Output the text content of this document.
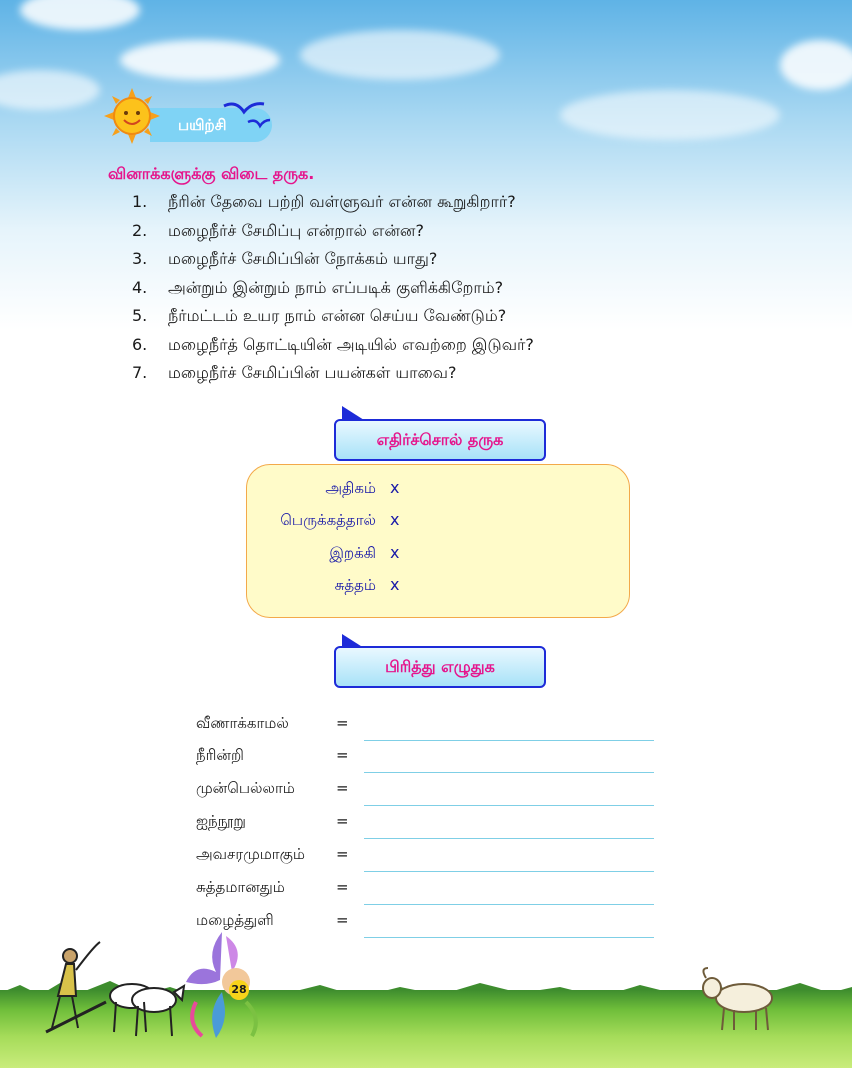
பயிற்சி
வினாக்களுக்கு விடை தருக.
1. நீரின் தேவை பற்றி வள்ளுவர் என்ன கூறுகிறார்?
2. மழைநீர்ச் சேமிப்பு என்றால் என்ன?
3. மழைநீர்ச் சேமிப்பின் நோக்கம் யாது?
4. அன்றும் இன்றும் நாம் எப்படிக் குளிக்கிறோம்?
5. நீர்மட்டம் உயர நாம் என்ன செய்ய வேண்டும்?
6. மழைநீர்த் தொட்டியின் அடியில் எவற்றை இடுவர்?
7. மழைநீர்ச் சேமிப்பின் பயன்கள் யாவை?
எதிர்ச்சொல் தருக
அதிகம் x
பெருக்கத்தால் x
இறக்கி x
சுத்தம் x
பிரித்து எழுதுக
வீணாக்காமல்	=
நீரின்றி	=
முன்பெல்லாம்	=
ஐந்நூறு	=
அவசரமுமாகும் =
சுத்தமானதும்	=
மழைத்துளி	=
28
